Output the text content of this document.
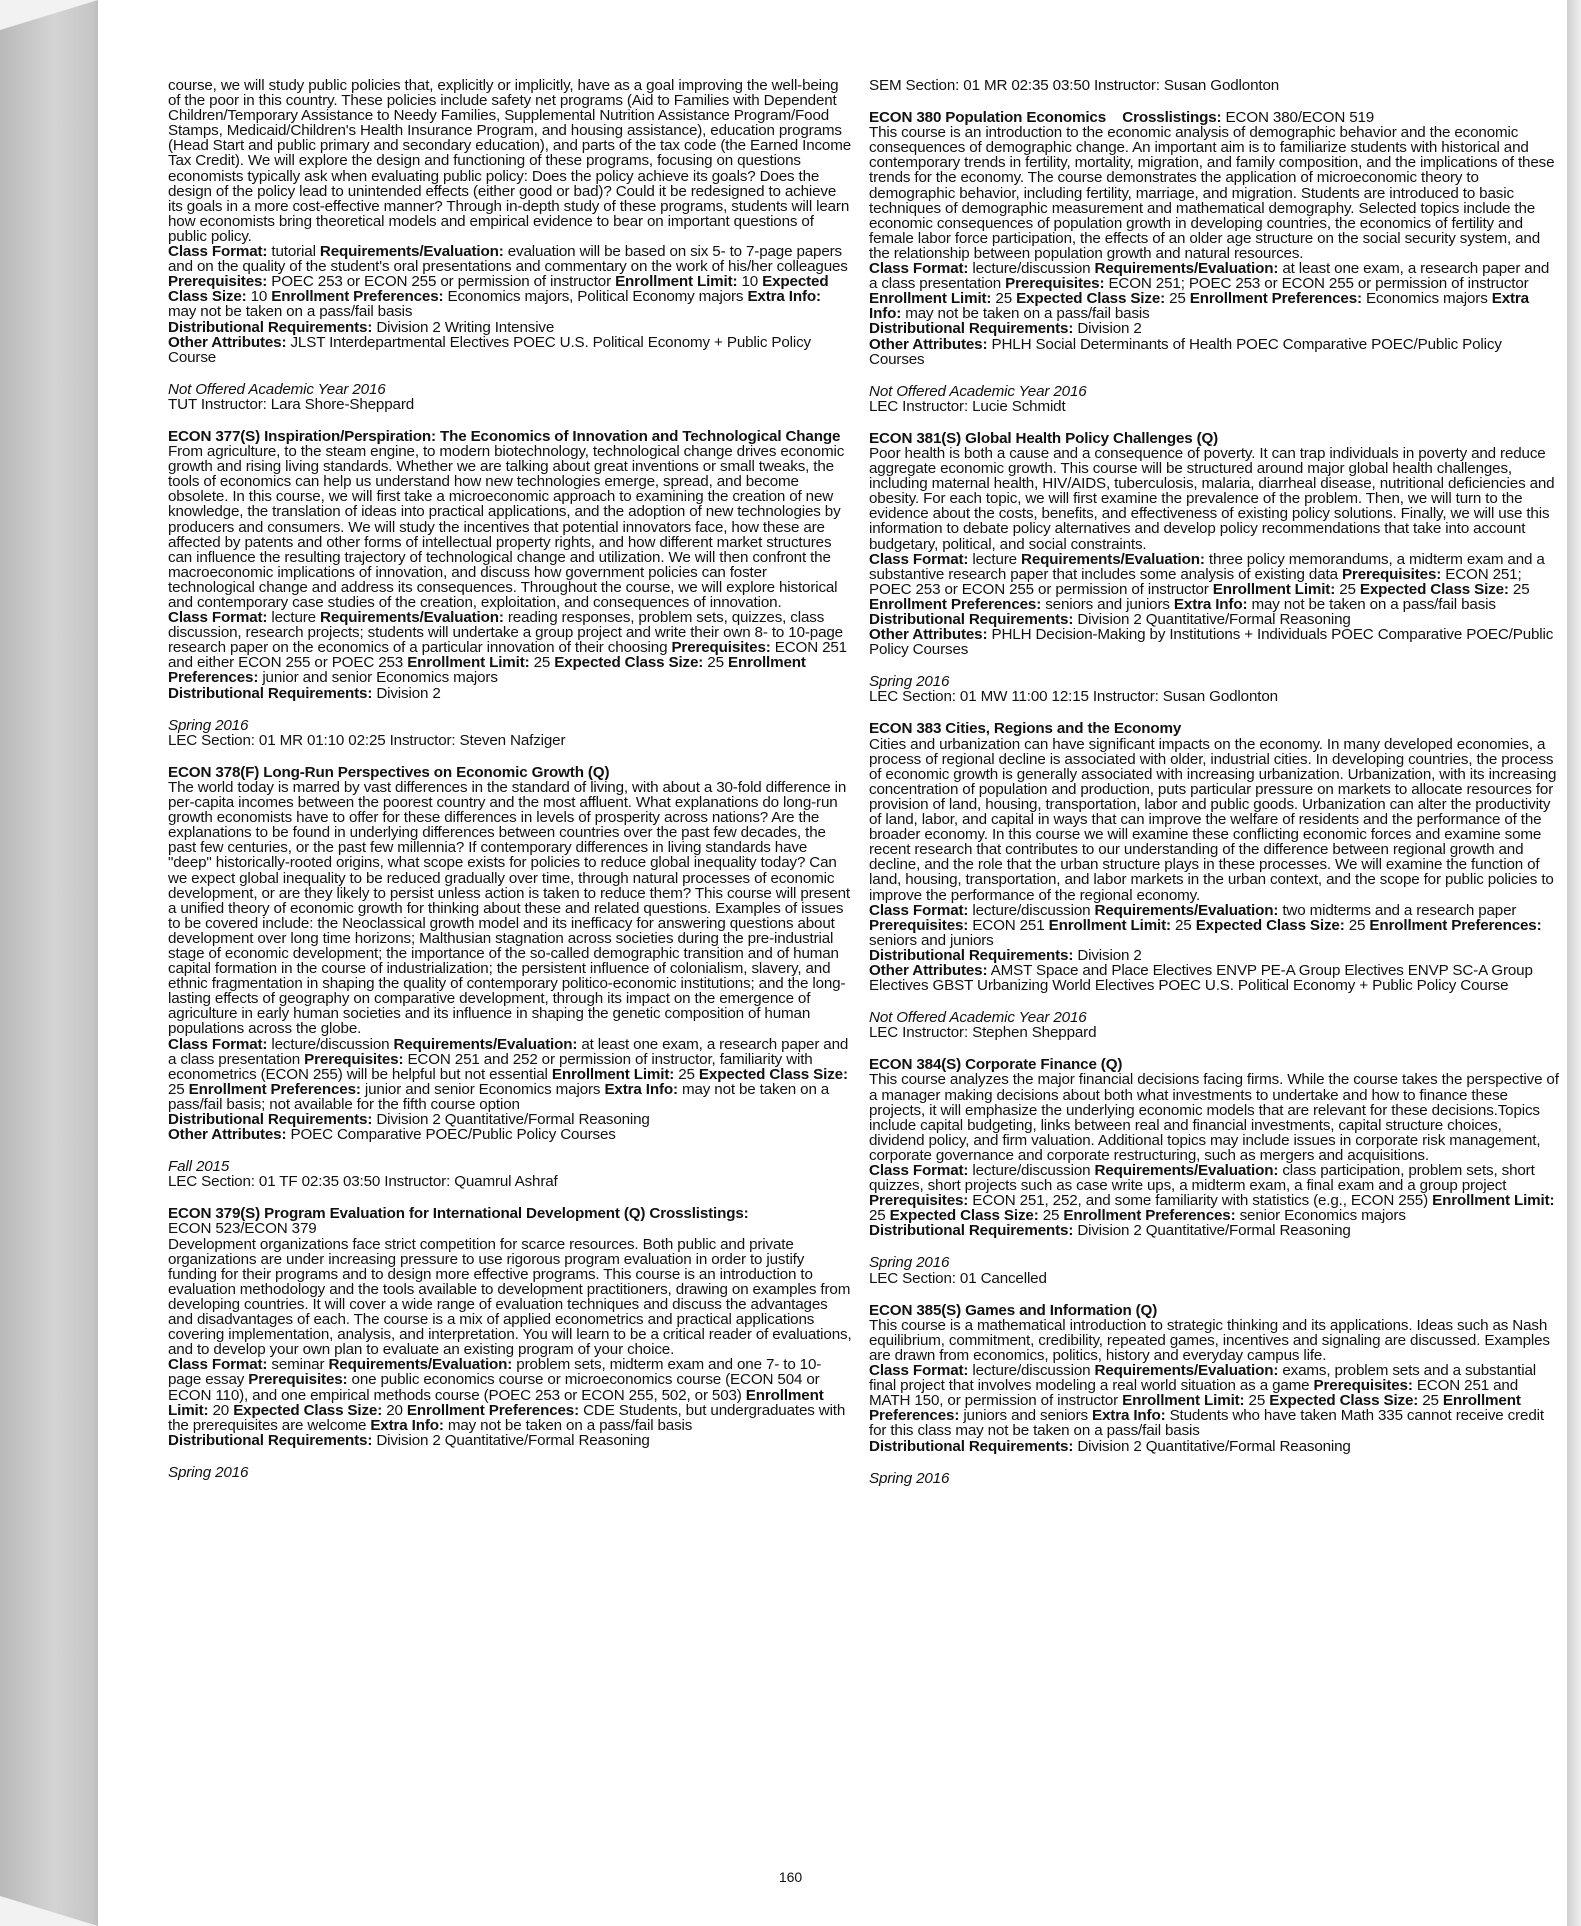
course, we will study public policies that, explicitly or implicitly, have as a goal improving the well-being of the poor in this country. These policies include safety net programs (Aid to Families with Dependent Children/Temporary Assistance to Needy Families, Supplemental Nutrition Assistance Program/Food Stamps, Medicaid/Children's Health Insurance Program, and housing assistance), education programs (Head Start and public primary and secondary education), and parts of the tax code (the Earned Income Tax Credit). We will explore the design and functioning of these programs, focusing on questions economists typically ask when evaluating public policy: Does the policy achieve its goals? Does the design of the policy lead to unintended effects (either good or bad)? Could it be redesigned to achieve its goals in a more cost-effective manner? Through in-depth study of these programs, students will learn how economists bring theoretical models and empirical evidence to bear on important questions of public policy.

Class Format: tutorial Requirements/Evaluation: evaluation will be based on six 5- to 7-page papers and on the quality of the student's oral presentations and commentary on the work of his/her colleagues Prerequisites: POEC 253 or ECON 255 or permission of instructor Enrollment Limit: 10 Expected Class Size: 10 Enrollment Preferences: Economics majors, Political Economy majors Extra Info: may not be taken on a pass/fail basis

Distributional Requirements: Division 2 Writing Intensive

Other Attributes: JLST Interdepartmental Electives POEC U.S. Political Economy + Public Policy Course

Not Offered Academic Year 2016

TUT Instructor: Lara Shore-Sheppard

ECON 377(S) Inspiration/Perspiration: The Economics of Innovation and Technological Change

From agriculture, to the steam engine, to modern biotechnology, technological change drives economic growth and rising living standards. Whether we are talking about great inventions or small tweaks, the tools of economics can help us understand how new technologies emerge, spread, and become obsolete. In this course, we will first take a microeconomic approach to examining the creation of new knowledge, the translation of ideas into practical applications, and the adoption of new technologies by producers and consumers. We will study the incentives that potential innovators face, how these are affected by patents and other forms of intellectual property rights, and how different market structures can influence the resulting trajectory of technological change and utilization. We will then confront the macroeconomic implications of innovation, and discuss how government policies can foster technological change and address its consequences. Throughout the course, we will explore historical and contemporary case studies of the creation, exploitation, and consequences of innovation.

Class Format: lecture Requirements/Evaluation: reading responses, problem sets, quizzes, class discussion, research projects; students will undertake a group project and write their own 8- to 10-page research paper on the economics of a particular innovation of their choosing Prerequisites: ECON 251 and either ECON 255 or POEC 253 Enrollment Limit: 25 Expected Class Size: 25 Enrollment Preferences: junior and senior Economics majors

Distributional Requirements: Division 2

Spring 2016

LEC Section: 01 MR 01:10 02:25 Instructor: Steven Nafziger

ECON 378(F) Long-Run Perspectives on Economic Growth (Q)

The world today is marred by vast differences in the standard of living, with about a 30-fold difference in per-capita incomes between the poorest country and the most affluent. What explanations do long-run growth economists have to offer for these differences in levels of prosperity across nations? Are the explanations to be found in underlying differences between countries over the past few decades, the past few centuries, or the past few millennia? If contemporary differences in living standards have "deep" historically-rooted origins, what scope exists for policies to reduce global inequality today? Can we expect global inequality to be reduced gradually over time, through natural processes of economic development, or are they likely to persist unless action is taken to reduce them? This course will present a unified theory of economic growth for thinking about these and related questions. Examples of issues to be covered include: the Neoclassical growth model and its inefficacy for answering questions about development over long time horizons; Malthusian stagnation across societies during the pre-industrial stage of economic development; the importance of the so-called demographic transition and of human capital formation in the course of industrialization; the persistent influence of colonialism, slavery, and ethnic fragmentation in shaping the quality of contemporary politico-economic institutions; and the long-lasting effects of geography on comparative development, through its impact on the emergence of agriculture in early human societies and its influence in shaping the genetic composition of human populations across the globe.

Class Format: lecture/discussion Requirements/Evaluation: at least one exam, a research paper and a class presentation Prerequisites: ECON 251 and 252 or permission of instructor, familiarity with econometrics (ECON 255) will be helpful but not essential Enrollment Limit: 25 Expected Class Size: 25 Enrollment Preferences: junior and senior Economics majors Extra Info: may not be taken on a pass/fail basis; not available for the fifth course option

Distributional Requirements: Division 2 Quantitative/Formal Reasoning

Other Attributes: POEC Comparative POEC/Public Policy Courses

Fall 2015

LEC Section: 01 TF 02:35 03:50 Instructor: Quamrul Ashraf

ECON 379(S) Program Evaluation for International Development (Q) Crosslistings:

ECON 523/ECON 379

Development organizations face strict competition for scarce resources. Both public and private organizations are under increasing pressure to use rigorous program evaluation in order to justify funding for their programs and to design more effective programs. This course is an introduction to evaluation methodology and the tools available to development practitioners, drawing on examples from developing countries. It will cover a wide range of evaluation techniques and discuss the advantages and disadvantages of each. The course is a mix of applied econometrics and practical applications covering implementation, analysis, and interpretation. You will learn to be a critical reader of evaluations, and to develop your own plan to evaluate an existing program of your choice.

Class Format: seminar Requirements/Evaluation: problem sets, midterm exam and one 7- to 10-page essay Prerequisites: one public economics course or microeconomics course (ECON 504 or ECON 110), and one empirical methods course (POEC 253 or ECON 255, 502, or 503) Enrollment Limit: 20 Expected Class Size: 20 Enrollment Preferences: CDE Students, but undergraduates with the prerequisites are welcome Extra Info: may not be taken on a pass/fail basis

Distributional Requirements: Division 2 Quantitative/Formal Reasoning

Spring 2016

SEM Section: 01 MR 02:35 03:50 Instructor: Susan Godlonton

ECON 380 Population Economics Crosslistings: ECON 380/ECON 519

This course is an introduction to the economic analysis of demographic behavior and the economic consequences of demographic change. An important aim is to familiarize students with historical and contemporary trends in fertility, mortality, migration, and family composition, and the implications of these trends for the economy. The course demonstrates the application of microeconomic theory to demographic behavior, including fertility, marriage, and migration. Students are introduced to basic techniques of demographic measurement and mathematical demography. Selected topics include the economic consequences of population growth in developing countries, the economics of fertility and female labor force participation, the effects of an older age structure on the social security system, and the relationship between population growth and natural resources.

Class Format: lecture/discussion Requirements/Evaluation: at least one exam, a research paper and a class presentation Prerequisites: ECON 251; POEC 253 or ECON 255 or permission of instructor Enrollment Limit: 25 Expected Class Size: 25 Enrollment Preferences: Economics majors Extra Info: may not be taken on a pass/fail basis

Distributional Requirements: Division 2

Other Attributes: PHLH Social Determinants of Health POEC Comparative POEC/Public Policy Courses

Not Offered Academic Year 2016

LEC Instructor: Lucie Schmidt

ECON 381(S) Global Health Policy Challenges (Q)

Poor health is both a cause and a consequence of poverty. It can trap individuals in poverty and reduce aggregate economic growth. This course will be structured around major global health challenges, including maternal health, HIV/AIDS, tuberculosis, malaria, diarrheal disease, nutritional deficiencies and obesity. For each topic, we will first examine the prevalence of the problem. Then, we will turn to the evidence about the costs, benefits, and effectiveness of existing policy solutions. Finally, we will use this information to debate policy alternatives and develop policy recommendations that take into account budgetary, political, and social constraints.

Class Format: lecture Requirements/Evaluation: three policy memorandums, a midterm exam and a substantive research paper that includes some analysis of existing data Prerequisites: ECON 251; POEC 253 or ECON 255 or permission of instructor Enrollment Limit: 25 Expected Class Size: 25 Enrollment Preferences: seniors and juniors Extra Info: may not be taken on a pass/fail basis

Distributional Requirements: Division 2 Quantitative/Formal Reasoning

Other Attributes: PHLH Decision-Making by Institutions + Individuals POEC Comparative POEC/Public Policy Courses

Spring 2016

LEC Section: 01 MW 11:00 12:15 Instructor: Susan Godlonton

ECON 383 Cities, Regions and the Economy

Cities and urbanization can have significant impacts on the economy. In many developed economies, a process of regional decline is associated with older, industrial cities. In developing countries, the process of economic growth is generally associated with increasing urbanization. Urbanization, with its increasing concentration of population and production, puts particular pressure on markets to allocate resources for provision of land, housing, transportation, labor and public goods. Urbanization can alter the productivity of land, labor, and capital in ways that can improve the welfare of residents and the performance of the broader economy. In this course we will examine these conflicting economic forces and examine some recent research that contributes to our understanding of the difference between regional growth and decline, and the role that the urban structure plays in these processes. We will examine the function of land, housing, transportation, and labor markets in the urban context, and the scope for public policies to improve the performance of the regional economy.

Class Format: lecture/discussion Requirements/Evaluation: two midterms and a research paper Prerequisites: ECON 251 Enrollment Limit: 25 Expected Class Size: 25 Enrollment Preferences: seniors and juniors

Distributional Requirements: Division 2

Other Attributes: AMST Space and Place Electives ENVP PE-A Group Electives ENVP SC-A Group Electives GBST Urbanizing World Electives POEC U.S. Political Economy + Public Policy Course

Not Offered Academic Year 2016

LEC Instructor: Stephen Sheppard

ECON 384(S) Corporate Finance (Q)

This course analyzes the major financial decisions facing firms. While the course takes the perspective of a manager making decisions about both what investments to undertake and how to finance these projects, it will emphasize the underlying economic models that are relevant for these decisions.Topics include capital budgeting, links between real and financial investments, capital structure choices, dividend policy, and firm valuation. Additional topics may include issues in corporate risk management, corporate governance and corporate restructuring, such as mergers and acquisitions.

Class Format: lecture/discussion Requirements/Evaluation: class participation, problem sets, short quizzes, short projects such as case write ups, a midterm exam, a final exam and a group project Prerequisites: ECON 251, 252, and some familiarity with statistics (e.g., ECON 255) Enrollment Limit: 25 Expected Class Size: 25 Enrollment Preferences: senior Economics majors

Distributional Requirements: Division 2 Quantitative/Formal Reasoning

Spring 2016

LEC Section: 01 Cancelled

ECON 385(S) Games and Information (Q)

This course is a mathematical introduction to strategic thinking and its applications. Ideas such as Nash equilibrium, commitment, credibility, repeated games, incentives and signaling are discussed. Examples are drawn from economics, politics, history and everyday campus life.

Class Format: lecture/discussion Requirements/Evaluation: exams, problem sets and a substantial final project that involves modeling a real world situation as a game Prerequisites: ECON 251 and MATH 150, or permission of instructor Enrollment Limit: 25 Expected Class Size: 25 Enrollment Preferences: juniors and seniors Extra Info: Students who have taken Math 335 cannot receive credit for this class may not be taken on a pass/fail basis

Distributional Requirements: Division 2 Quantitative/Formal Reasoning

Spring 2016

160
